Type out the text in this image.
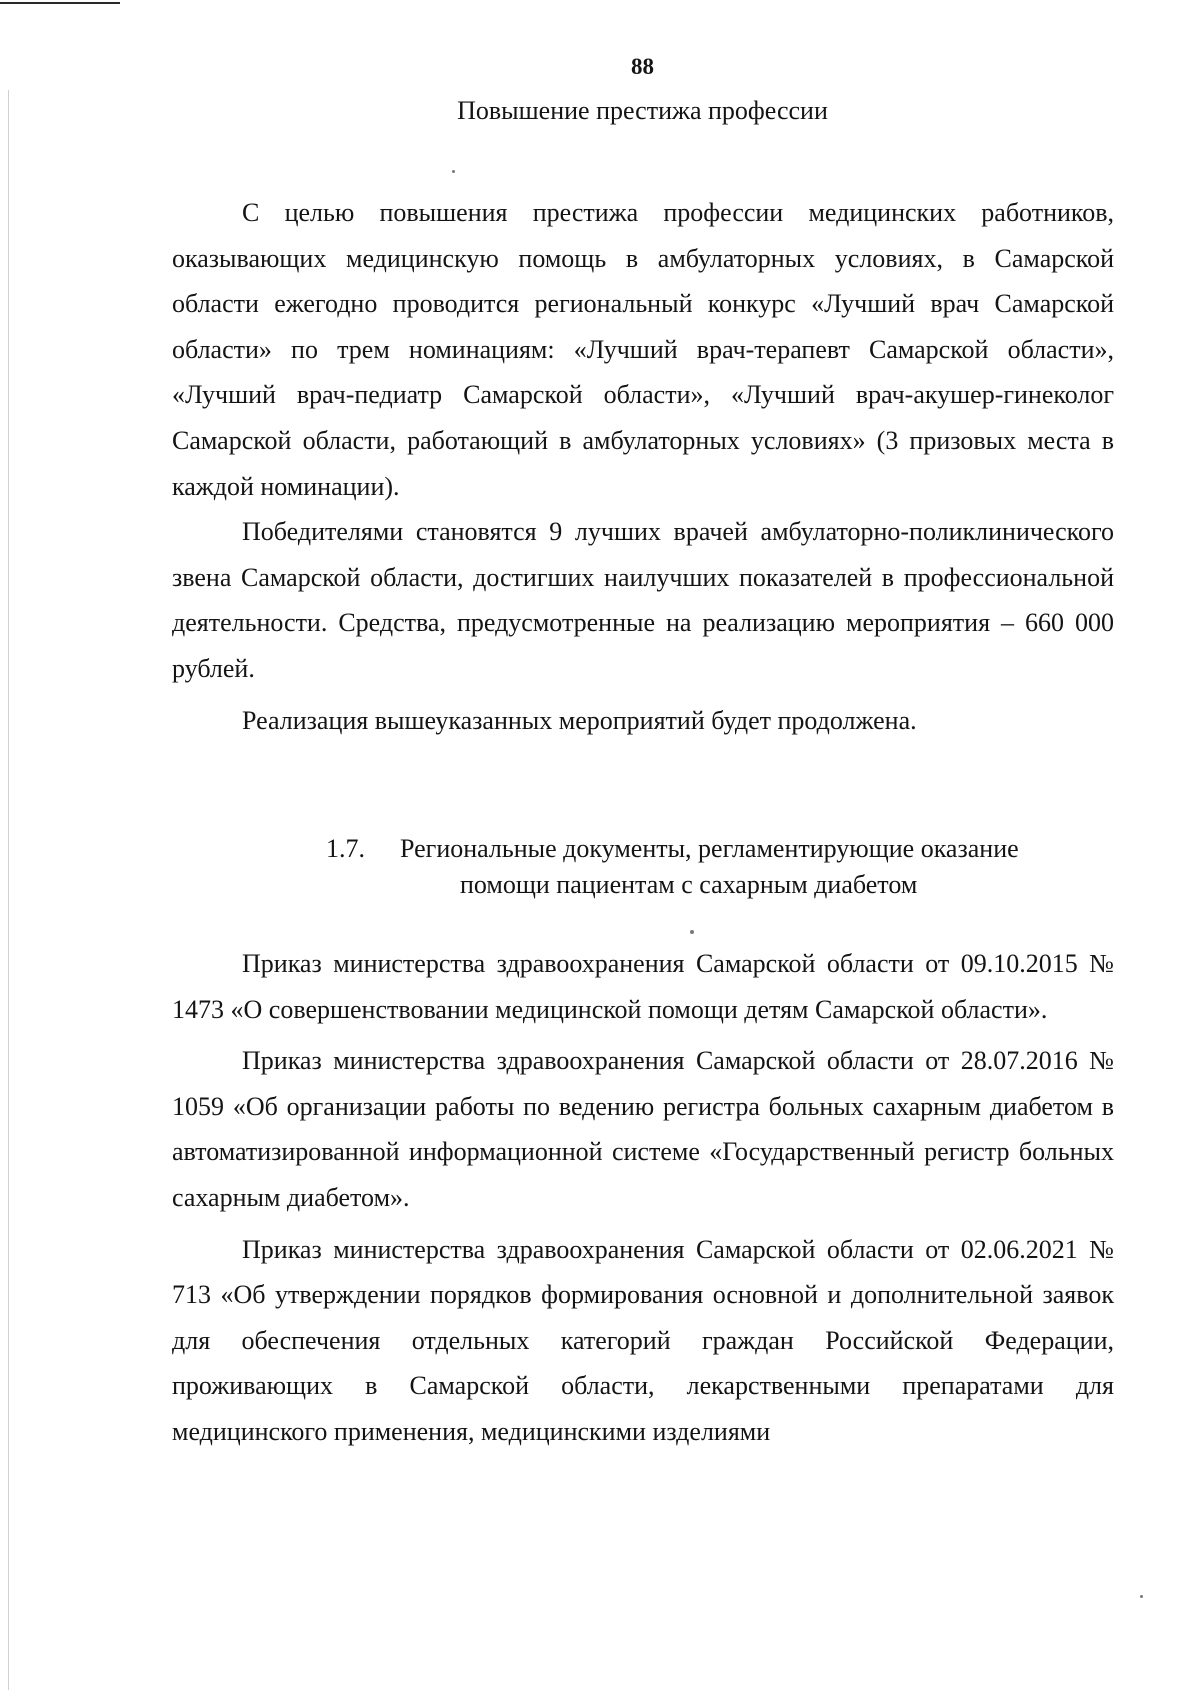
88
Повышение престижа профессии

С целью повышения престижа профессии медицинских работников, оказывающих медицинскую помощь в амбулаторных условиях, в Самарской области ежегодно проводится региональный конкурс «Лучший врач Самарской области» по трем номинациям: «Лучший врач-терапевт Самарской области», «Лучший врач-педиатр Самарской области», «Лучший врач-акушер-гинеколог Самарской области, работающий в амбулаторных условиях» (3 призовых места в каждой номинации).

Победителями становятся 9 лучших врачей амбулаторно-поликлинического звена Самарской области, достигших наилучших показателей в профессиональной деятельности. Средства, предусмотренные на реализацию мероприятия – 660 000 рублей.

Реализация вышеуказанных мероприятий будет продолжена.

1.7. Региональные документы, регламентирующие оказание
помощи пациентам с сахарным диабетом

Приказ министерства здравоохранения Самарской области от 09.10.2015 № 1473 «О совершенствовании медицинской помощи детям Самарской области».

Приказ министерства здравоохранения Самарской области от 28.07.2016 № 1059 «Об организации работы по ведению регистра больных сахарным диабетом в автоматизированной информационной системе «Государственный регистр больных сахарным диабетом».

Приказ министерства здравоохранения Самарской области от 02.06.2021 № 713 «Об утверждении порядков формирования основной и дополнительной заявок для обеспечения отдельных категорий граждан Российской Федерации, проживающих в Самарской области, лекарственными препаратами для медицинского применения, медицинскими изделиями
